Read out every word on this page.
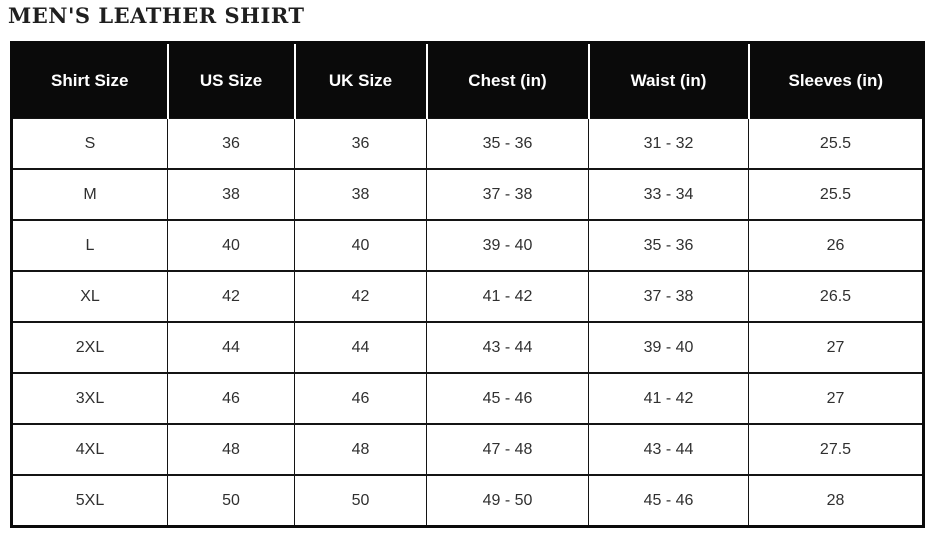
MEN'S LEATHER SHIRT
Shirt Size	US Size	UK Size	Chest (in)	Waist (in)	Sleeves (in)
S	36	36	35 - 36	31 - 32	25.5
M	38	38	37 - 38	33 - 34	25.5
L	40	40	39 - 40	35 - 36	26
XL	42	42	41 - 42	37 - 38	26.5
2XL	44	44	43 - 44	39 - 40	27
3XL	46	46	45 - 46	41 - 42	27
4XL	48	48	47 - 48	43 - 44	27.5
5XL	50	50	49 - 50	45 - 46	28
